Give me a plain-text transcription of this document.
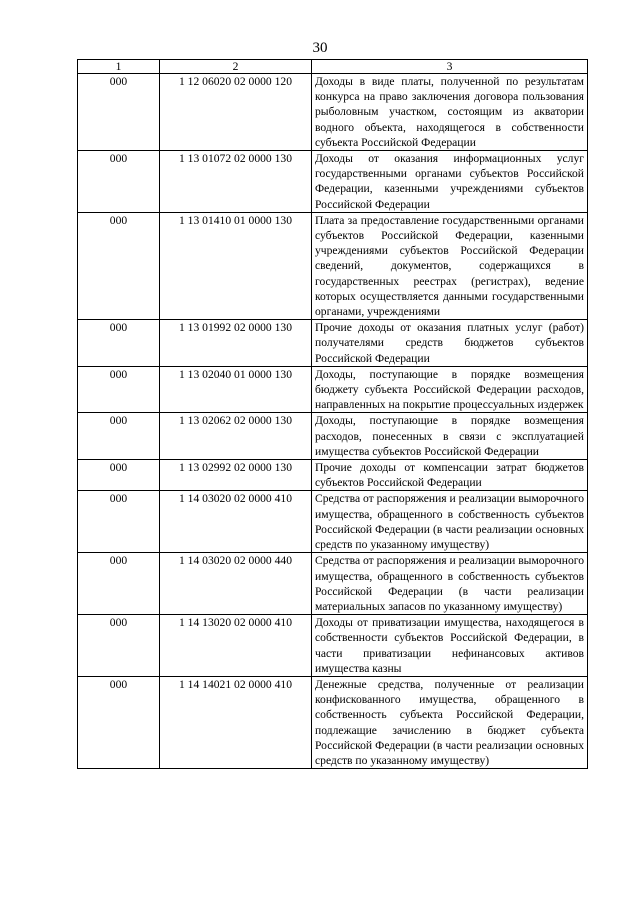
30
1	2	3
000	1 12 06020 02 0000 120	Доходы в виде платы, полученной по результатам конкурса на право заключения договора пользования рыболовным участком, состоящим из акватории водного объекта, находящегося в собственности субъекта Российской Федерации
000	1 13 01072 02 0000 130	Доходы от оказания информационных услуг государственными органами субъектов Российской Федерации, казенными учреждениями субъектов Российской Федерации
000	1 13 01410 01 0000 130	Плата за предоставление государственными органами субъектов Российской Федерации, казенными учреждениями субъектов Российской Федерации сведений, документов, содержащихся в государственных реестрах (регистрах), ведение которых осуществляется данными государственными органами, учреждениями
000	1 13 01992 02 0000 130	Прочие доходы от оказания платных услуг (работ) получателями средств бюджетов субъектов Российской Федерации
000	1 13 02040 01 0000 130	Доходы, поступающие в порядке возмещения бюджету субъекта Российской Федерации расходов, направленных на покрытие процессуальных издержек
000	1 13 02062 02 0000 130	Доходы, поступающие в порядке возмещения расходов, понесенных в связи с эксплуатацией имущества субъектов Российской Федерации
000	1 13 02992 02 0000 130	Прочие доходы от компенсации затрат бюджетов субъектов Российской Федерации
000	1 14 03020 02 0000 410	Средства от распоряжения и реализации выморочного имущества, обращенного в собственность субъектов Российской Федерации (в части реализации основных средств по указанному имуществу)
000	1 14 03020 02 0000 440	Средства от распоряжения и реализации выморочного имущества, обращенного в собственность субъектов Российской Федерации (в части реализации материальных запасов по указанному имуществу)
000	1 14 13020 02 0000 410	Доходы от приватизации имущества, находящегося в собственности субъектов Российской Федерации, в части приватизации нефинансовых активов имущества казны
000	1 14 14021 02 0000 410	Денежные средства, полученные от реализации конфискованного имущества, обращенного в собственность субъекта Российской Федерации, подлежащие зачислению в бюджет субъекта Российской Федерации (в части реализации основных средств по указанному имуществу)
